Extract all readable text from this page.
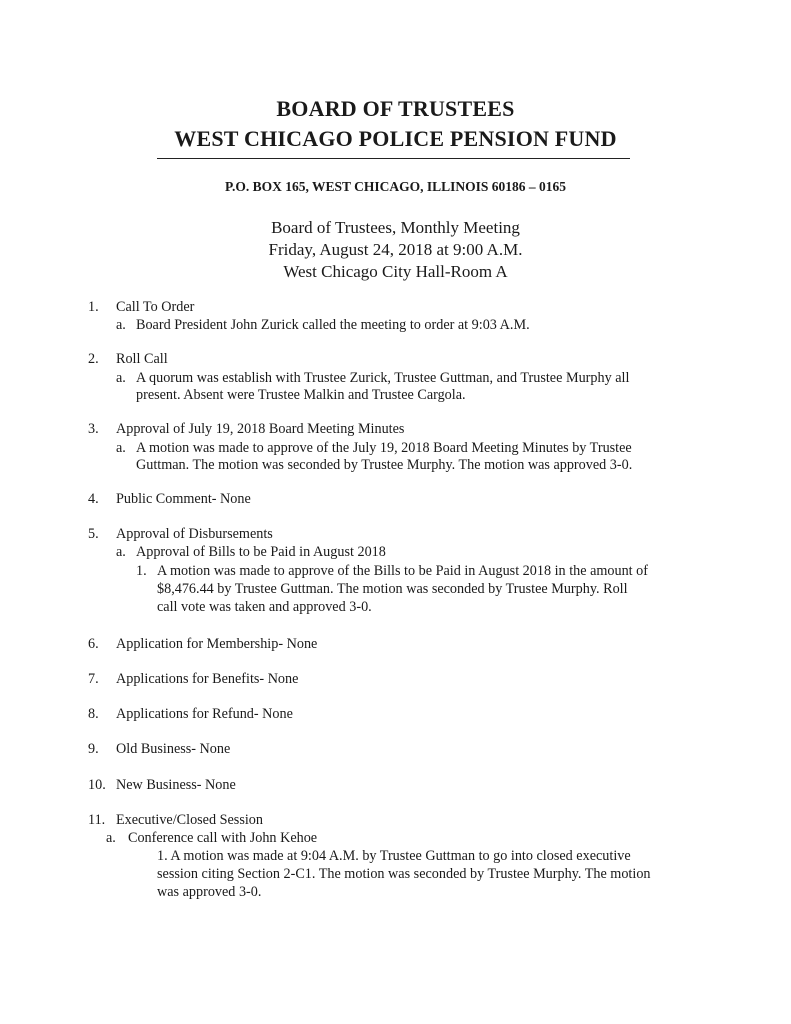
BOARD OF TRUSTEES
WEST CHICAGO POLICE PENSION FUND
P.O. BOX 165, WEST CHICAGO, ILLINOIS 60186 – 0165
Board of Trustees, Monthly Meeting
Friday, August 24, 2018 at 9:00 A.M.
West Chicago City Hall-Room A
1. Call To Order
a. Board President John Zurick called the meeting to order at 9:03 A.M.
2. Roll Call
a. A quorum was establish with Trustee Zurick, Trustee Guttman, and Trustee Murphy all
present. Absent were Trustee Malkin and Trustee Cargola.
3. Approval of July 19, 2018 Board Meeting Minutes
a. A motion was made to approve of the July 19, 2018 Board Meeting Minutes by Trustee
Guttman. The motion was seconded by Trustee Murphy. The motion was approved 3-0.
4. Public Comment- None
5. Approval of Disbursements
a. Approval of Bills to be Paid in August 2018
1. A motion was made to approve of the Bills to be Paid in August 2018 in the amount of
$8,476.44 by Trustee Guttman. The motion was seconded by Trustee Murphy. Roll
call vote was taken and approved 3-0.
6. Application for Membership- None
7. Applications for Benefits- None
8. Applications for Refund- None
9. Old Business- None
10. New Business- None
11. Executive/Closed Session
a. Conference call with John Kehoe
1. A motion was made at 9:04 A.M. by Trustee Guttman to go into closed executive
session citing Section 2-C1. The motion was seconded by Trustee Murphy. The motion
was approved 3-0.
